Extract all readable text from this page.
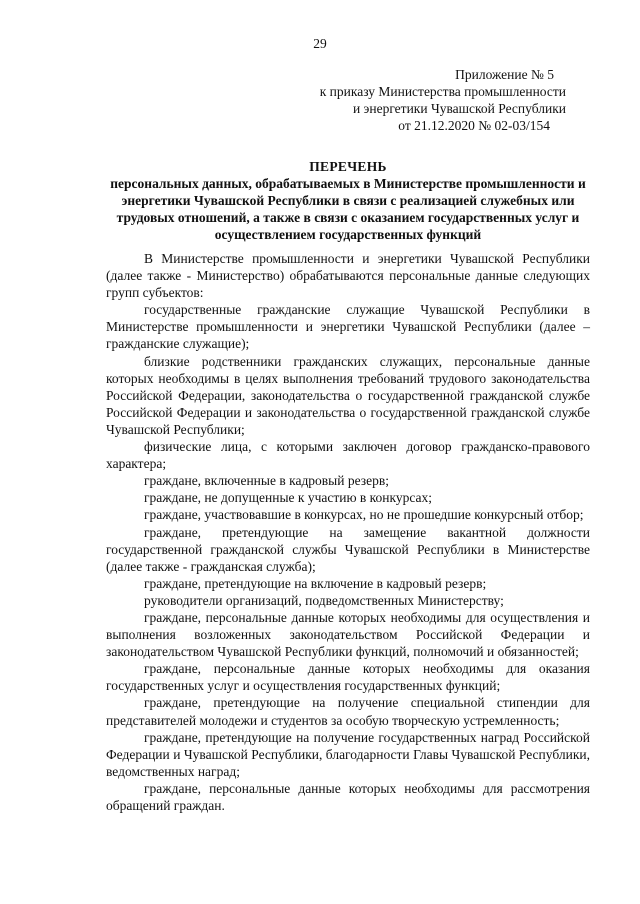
29
Приложение № 5
к приказу Министерства промышленности
и энергетики Чувашской Республики
от 21.12.2020 № 02-03/154
ПЕРЕЧЕНЬ
персональных данных, обрабатываемых в Министерстве промышленности и энергетики Чувашской Республики в связи с реализацией служебных или трудовых отношений, а также в связи с оказанием государственных услуг и осуществлением государственных функций

В Министерстве промышленности и энергетики Чувашской Республики (далее также - Министерство) обрабатываются персональные данные следующих групп субъектов:

государственные гражданские служащие Чувашской Республики в Министерстве промышленности и энергетики Чувашской Республики (далее – гражданские служащие);

близкие родственники гражданских служащих, персональные данные которых необходимы в целях выполнения требований трудового законодательства Российской Федерации, законодательства о государственной гражданской службе Российской Федерации и законодательства о государственной гражданской службе Чувашской Республики;

физические лица, с которыми заключен договор гражданско-правового характера;

граждане, включенные в кадровый резерв;

граждане, не допущенные к участию в конкурсах;

граждане, участвовавшие в конкурсах, но не прошедшие конкурсный отбор;

граждане, претендующие на замещение вакантной должности государственной гражданской службы Чувашской Республики в Министерстве (далее также - гражданская служба);

граждане, претендующие на включение в кадровый резерв;

руководители организаций, подведомственных Министерству;

граждане, персональные данные которых необходимы для осуществления и выполнения возложенных законодательством Российской Федерации и законодательством Чувашской Республики функций, полномочий и обязанностей;

граждане, персональные данные которых необходимы для оказания государственных услуг и осуществления государственных функций;

граждане, претендующие на получение специальной стипендии для представителей молодежи и студентов за особую творческую устремленность;

граждане, претендующие на получение государственных наград Российской Федерации и Чувашской Республики, благодарности Главы Чувашской Республики, ведомственных наград;

граждане, персональные данные которых необходимы для рассмотрения обращений граждан.
